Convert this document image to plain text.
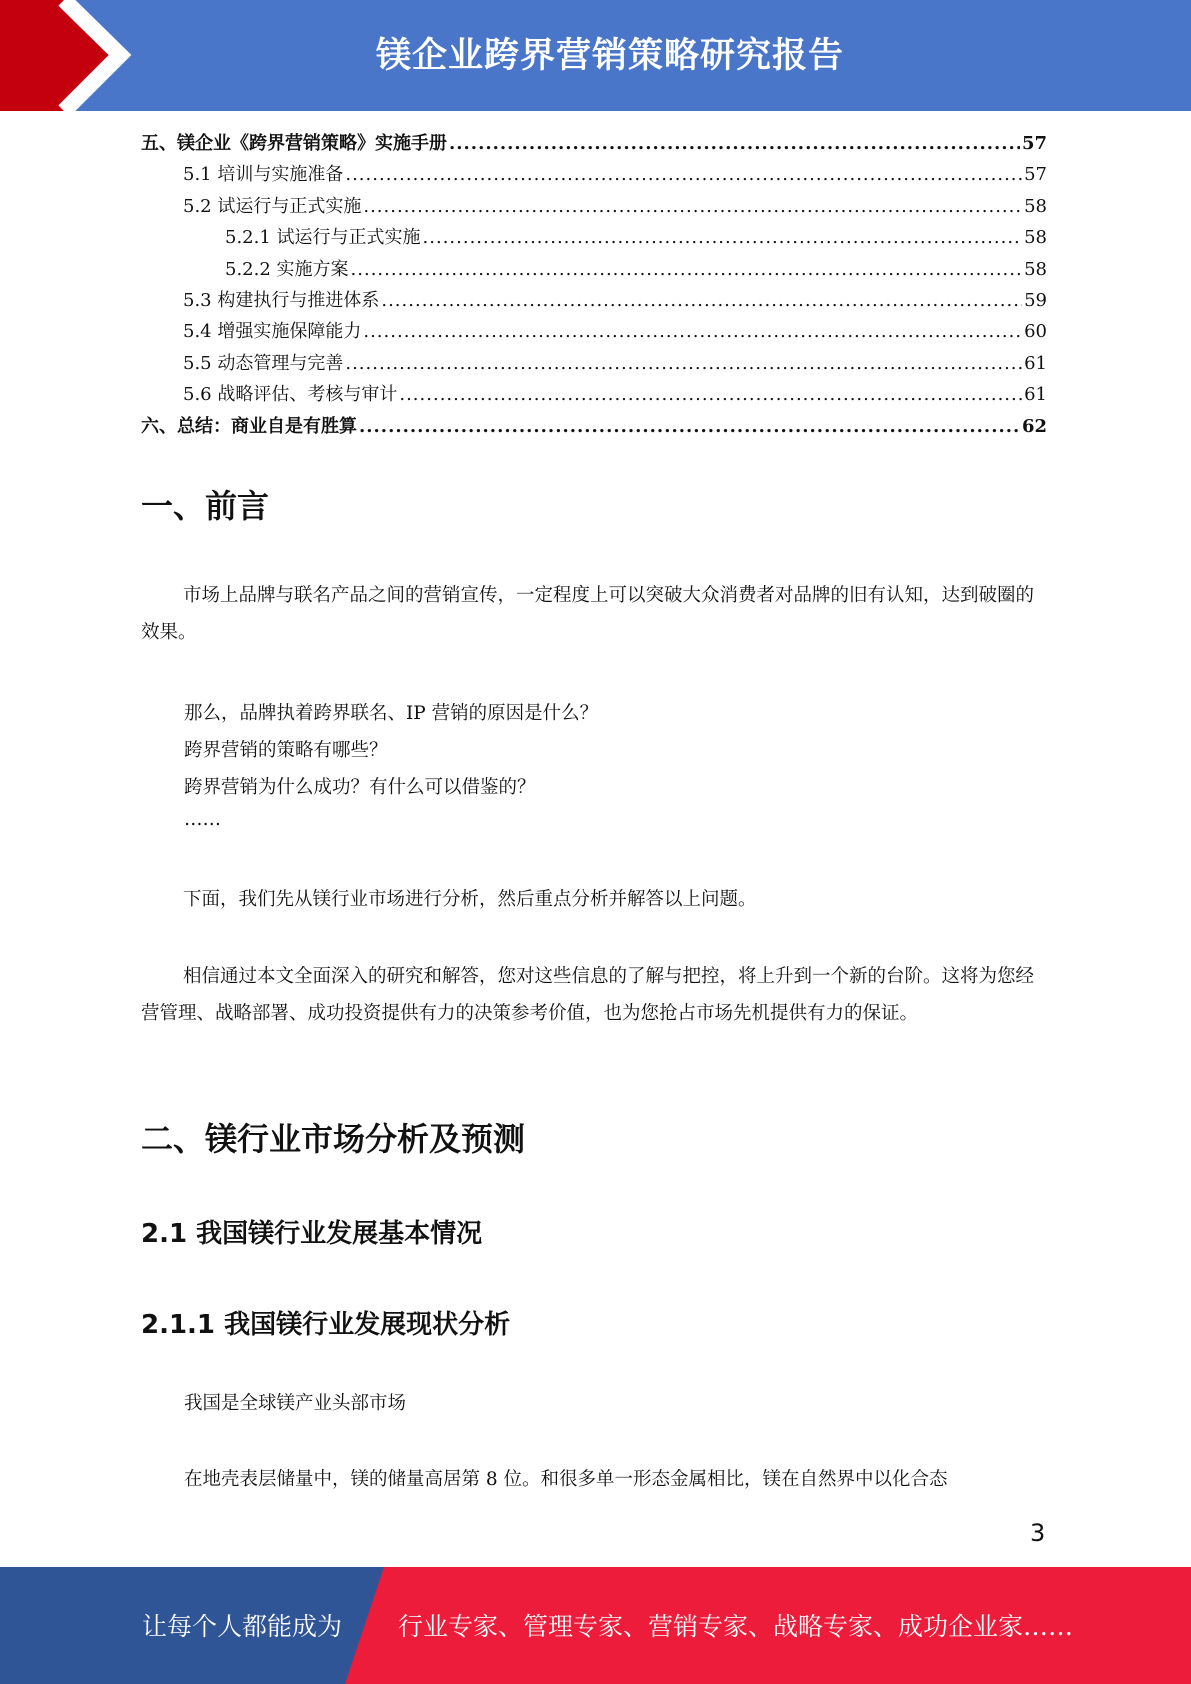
镁企业跨界营销策略研究报告
五、镁企业《跨界营销策略》实施手册 .....	57
5.1 培训与实施准备 .....	57
5.2 试运行与正式实施 .....	58
5.2.1 试运行与正式实施 .....	58
5.2.2 实施方案 .....	58
5.3 构建执行与推进体系 .....	59
5.4 增强实施保障能力 .....	60
5.5 动态管理与完善 .....	61
5.6 战略评估、考核与审计 .....	61
六、总结：商业自是有胜算 .....	62
一、前言

市场上品牌与联名产品之间的营销宣传，一定程度上可以突破大众消费者对品牌的旧有认知，达到破圈的效果。

那么，品牌执着跨界联名、IP 营销的原因是什么？
跨界营销的策略有哪些？
跨界营销为什么成功？有什么可以借鉴的？
……

下面，我们先从镁行业市场进行分析，然后重点分析并解答以上问题。

相信通过本文全面深入的研究和解答，您对这些信息的了解与把控，将上升到一个新的台阶。这将为您经营管理、战略部署、成功投资提供有力的决策参考价值，也为您抢占市场先机提供有力的保证。

二、镁行业市场分析及预测
2.1 我国镁行业发展基本情况
2.1.1 我国镁行业发展现状分析
我国是全球镁产业头部市场
在地壳表层储量中，镁的储量高居第 8 位。和很多单一形态金属相比，镁在自然界中以化合态
3
让每个人都能成为 行业专家、管理专家、营销专家、战略专家、成功企业家……
